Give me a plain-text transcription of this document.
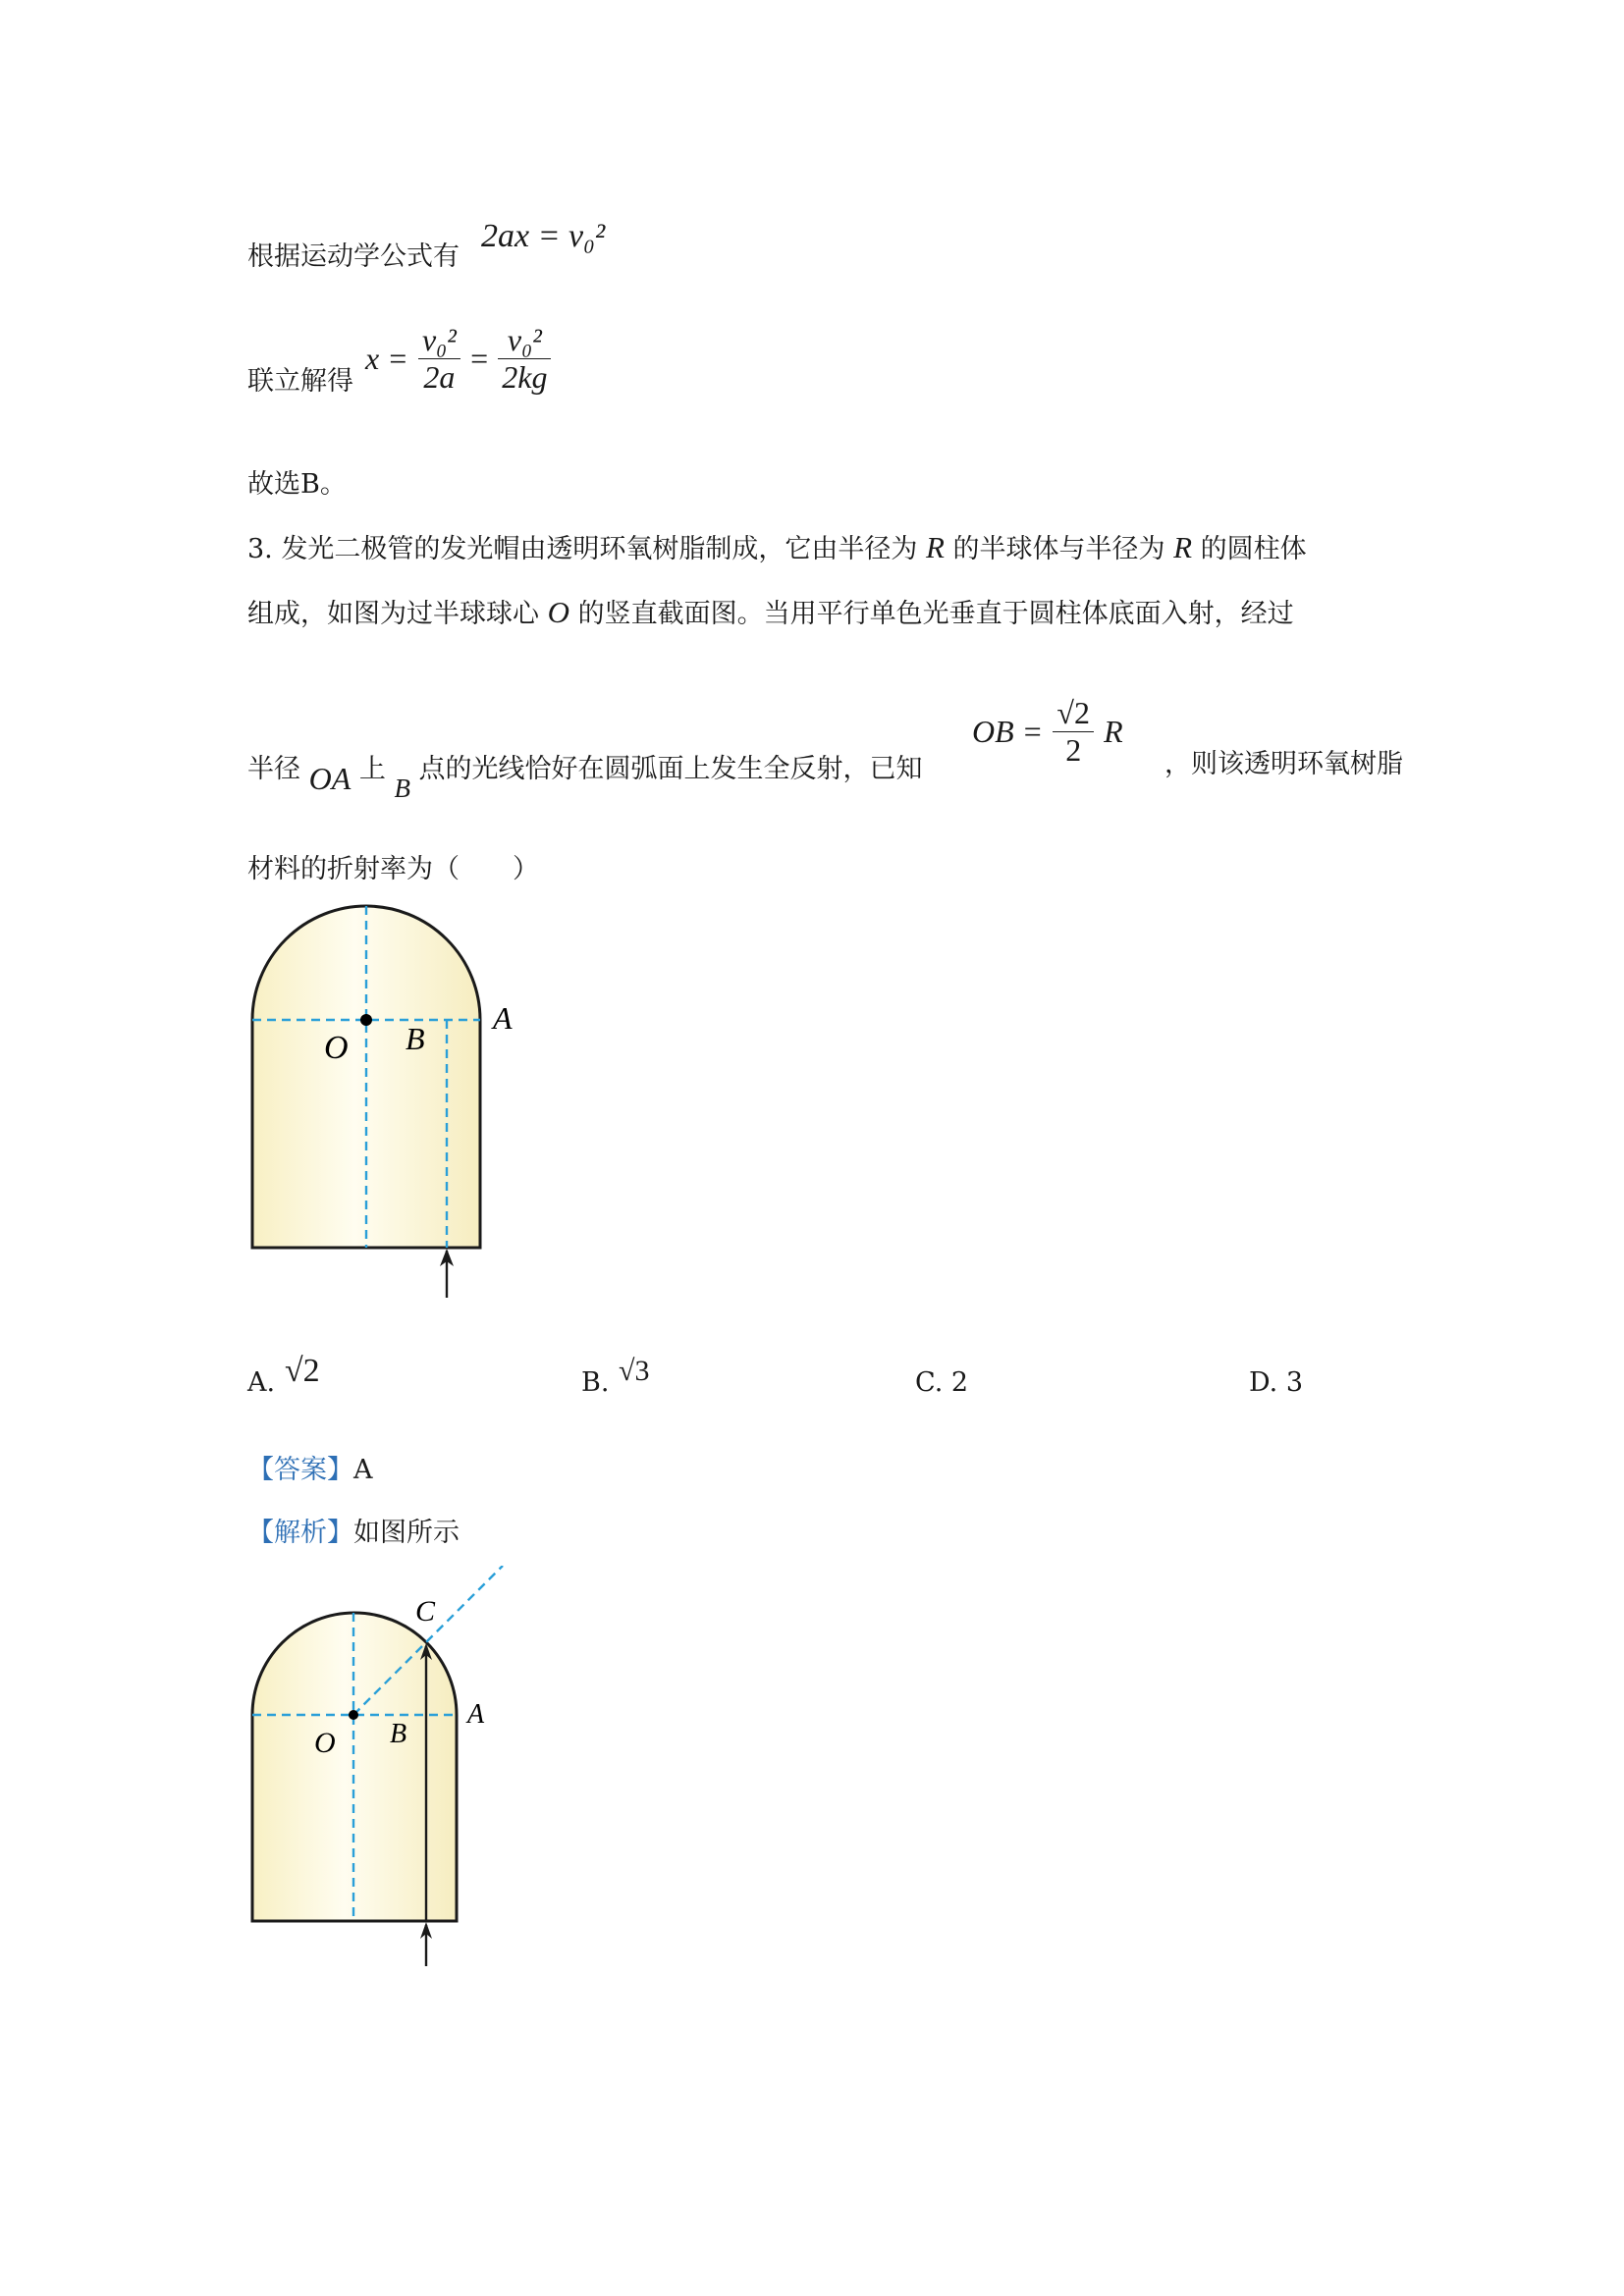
根据运动学公式有
2ax = v₀²
联立解得
$x = \frac{\text{v₀²}}{2a} = \frac{\text{v₀²}}{2kg}$
故选B。
3. 发光二极管的发光帽由透明环氧树脂制成，它由半径为 R 的半球体与半径为 R 的圆柱体
组成，如图为过半球球心 O 的竖直截面图。当用平行单色光垂直于圆柱体底面入射，经过
半径 OA 上 B 点的光线恰好在圆弧面上发生全反射，已知
OB = $\frac{√2}{2}$ R
，则该透明环氧树脂
材料的折射率为（　　）
O B
A
A. √2	B. √3	C. 2	D. 3
【答案】A
【解析】如图所示
C
O B
A
